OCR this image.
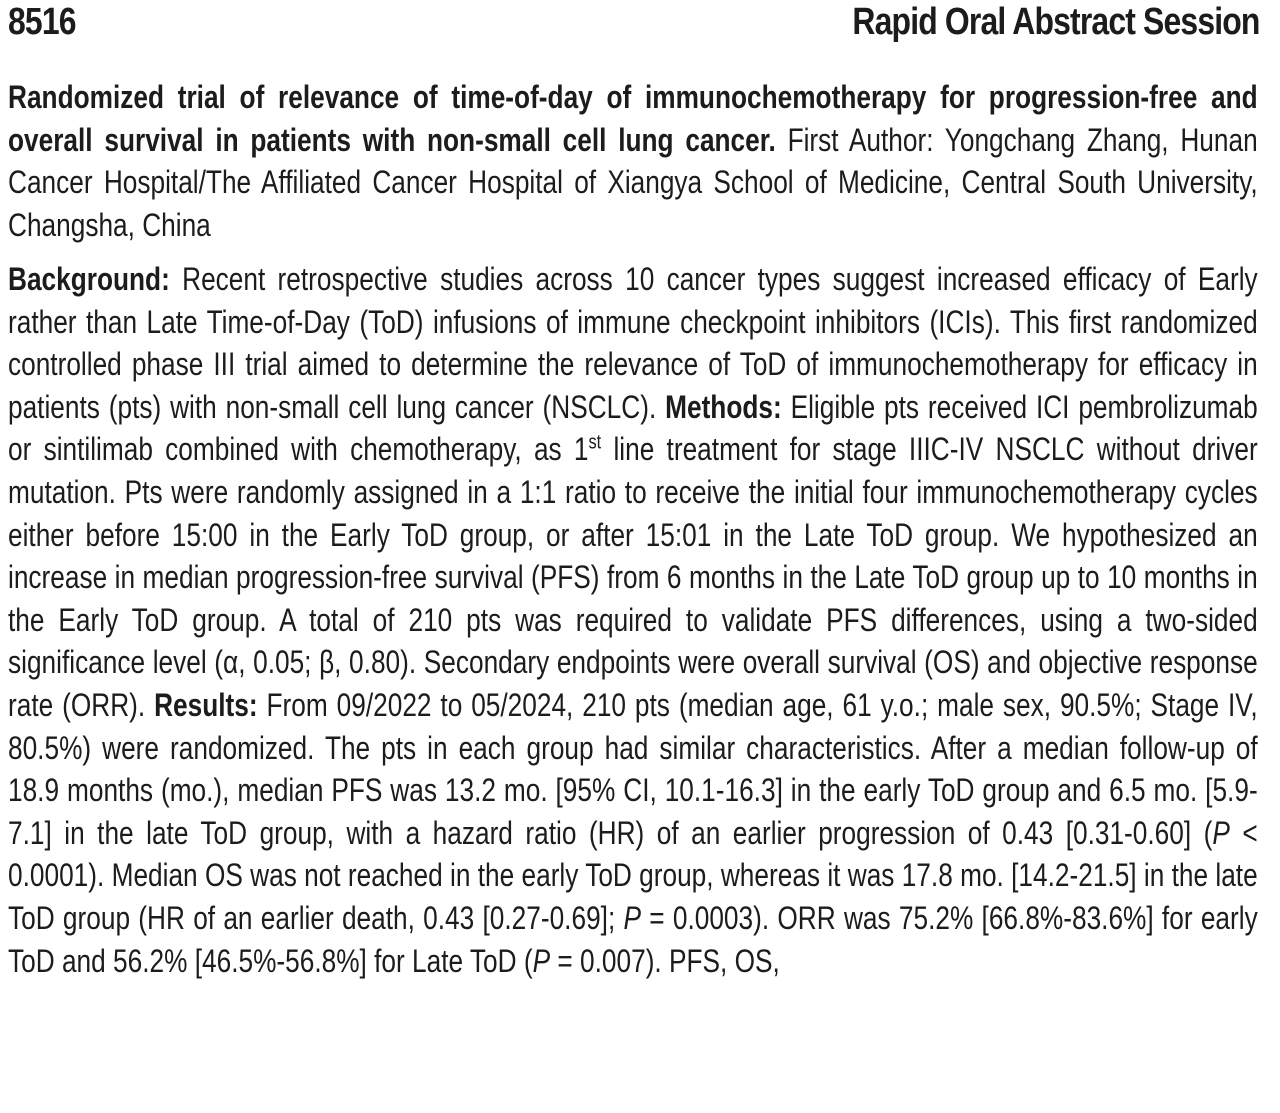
8516	Rapid Oral Abstract Session
Randomized trial of relevance of time-of-day of immunochemotherapy for progression-free and overall survival in patients with non-small cell lung cancer. First Author: Yongchang Zhang, Hunan Cancer Hospital/The Affiliated Cancer Hospital of Xiangya School of Medicine, Central South University, Changsha, China
Background: Recent retrospective studies across 10 cancer types suggest increased efficacy of Early rather than Late Time-of-Day (ToD) infusions of immune checkpoint inhibitors (ICIs). This first randomized controlled phase III trial aimed to determine the relevance of ToD of immunochemotherapy for efficacy in patients (pts) with non-small cell lung cancer (NSCLC). Methods: Eligible pts received ICI pembrolizumab or sintilimab combined with chemotherapy, as 1st line treatment for stage IIIC-IV NSCLC without driver mutation. Pts were randomly assigned in a 1:1 ratio to receive the initial four immunochemotherapy cycles either before 15:00 in the Early ToD group, or after 15:01 in the Late ToD group. We hypothesized an increase in median progression-free survival (PFS) from 6 months in the Late ToD group up to 10 months in the Early ToD group. A total of 210 pts was required to validate PFS differences, using a two-sided significance level (α, 0.05; β, 0.80). Secondary endpoints were overall survival (OS) and objective response rate (ORR). Results: From 09/2022 to 05/2024, 210 pts (median age, 61 y.o.; male sex, 90.5%; Stage IV, 80.5%) were randomized. The pts in each group had similar characteristics. After a median follow-up of 18.9 months (mo.), median PFS was 13.2 mo. [95% CI, 10.1-16.3] in the early ToD group and 6.5 mo. [5.9-7.1] in the late ToD group, with a hazard ratio (HR) of an earlier progression of 0.43 [0.31-0.60] (P < 0.0001). Median OS was not reached in the early ToD group, whereas it was 17.8 mo. [14.2-21.5] in the late ToD group (HR of an earlier death, 0.43 [0.27-0.69]; P = 0.0003). ORR was 75.2% [66.8%-83.6%] for early ToD and 56.2% [46.5%-56.8%] for Late ToD (P = 0.007). PFS, OS,
